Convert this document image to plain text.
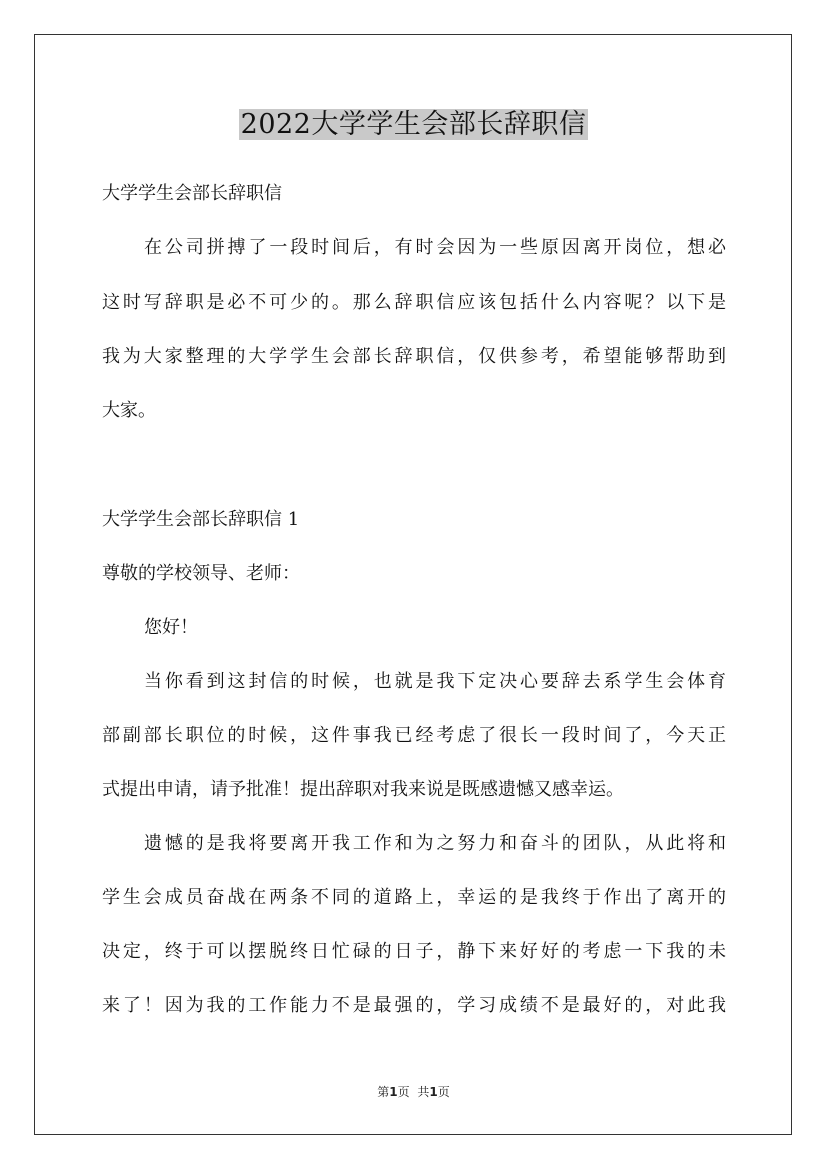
2022大学学生会部长辞职信

大学学生会部长辞职信

在公司拼搏了一段时间后，有时会因为一些原因离开岗位，想必

这时写辞职是必不可少的。那么辞职信应该包括什么内容呢？以下是

我为大家整理的大学学生会部长辞职信，仅供参考，希望能够帮助到

大家。

大学学生会部长辞职信 1

尊敬的学校领导、老师：

您好！

当你看到这封信的时候，也就是我下定决心要辞去系学生会体育

部副部长职位的时候，这件事我已经考虑了很长一段时间了，今天正

式提出申请，请予批准！提出辞职对我来说是既感遗憾又感幸运。

遗憾的是我将要离开我工作和为之努力和奋斗的团队，从此将和

学生会成员奋战在两条不同的道路上，幸运的是我终于作出了离开的

决定，终于可以摆脱终日忙碌的日子，静下来好好的考虑一下我的未

来了！因为我的工作能力不是最强的，学习成绩不是最好的，对此我

第1页 共1页
